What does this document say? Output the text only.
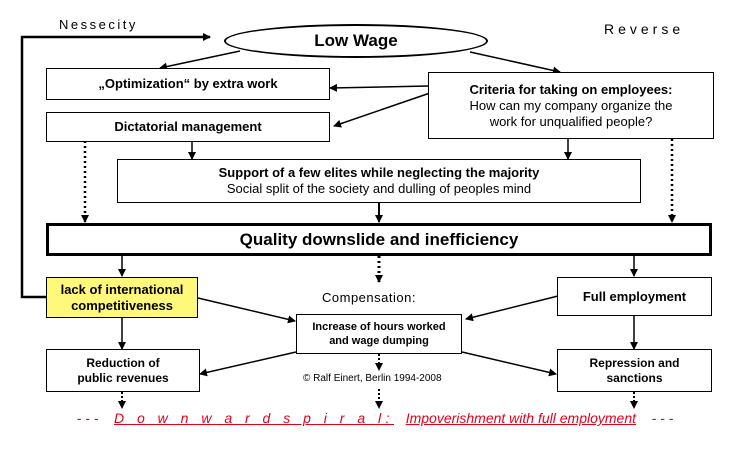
Nessecity	Reverse
Low Wage
„Optimization“ by extra work
Dictatorial management
Criteria for taking on employees:
How can my company organize the
work for unqualified people?
Support of a few elites while neglecting the majority
Social split of the society and dulling of peoples mind
Quality downslide and inefficiency
lack of international
competitiveness	Compensation:	Full employment
Increase of hours worked
and wage dumping
Reduction of
public revenues	© Ralf Einert, Berlin 1994-2008
Repression and
sanctions
- - - D o w n w a r d s p i r a l: Impoverishment with full employment - - -
